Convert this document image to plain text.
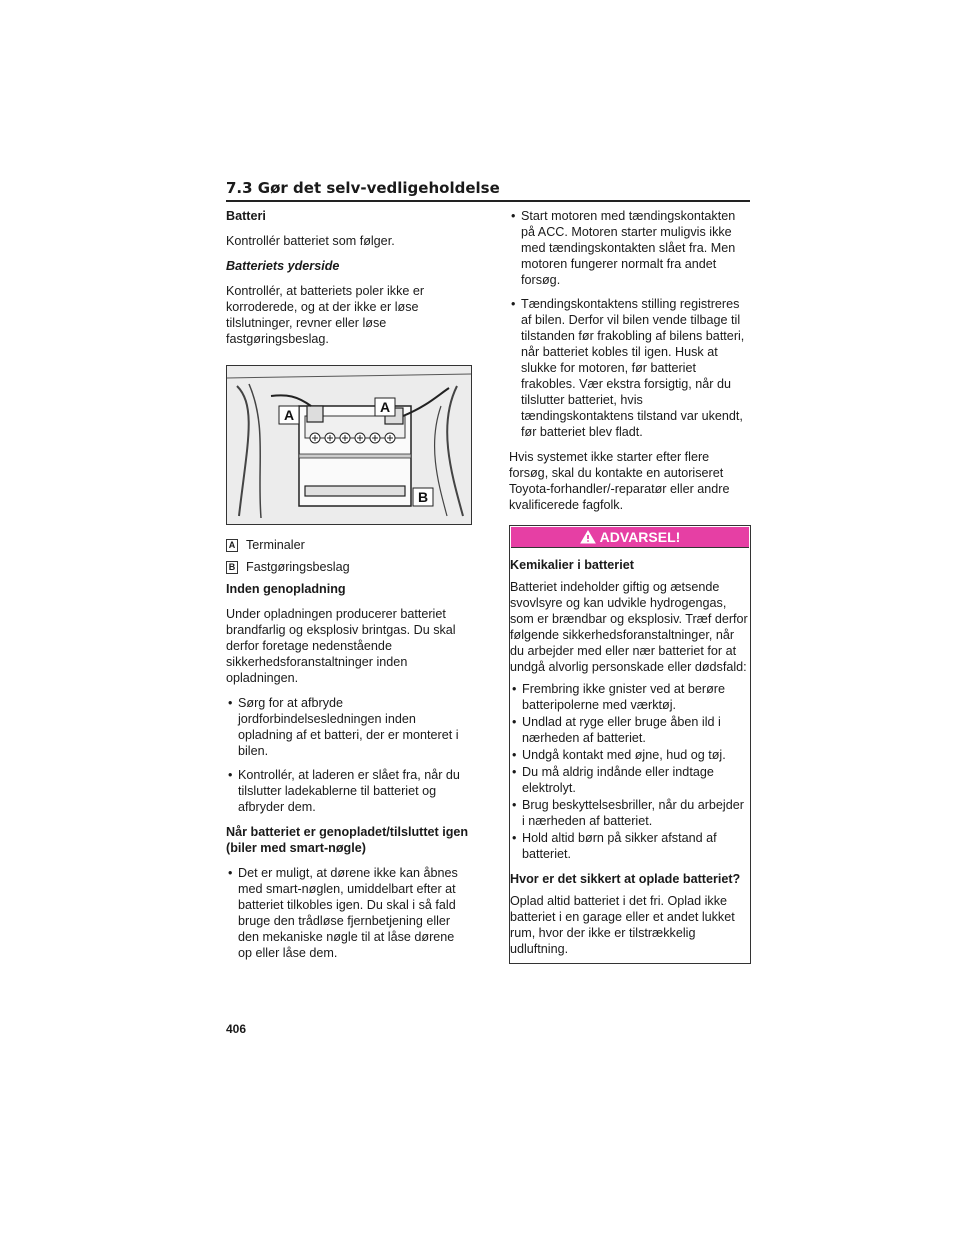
7.3 Gør det selv-vedligeholdelse
Batteri

Kontrollér batteriet som følger.

Batteriets yderside

Kontrollér, at batteriets poler ikke er korroderede, og at der ikke er løse tilslutninger, revner eller løse fastgøringsbeslag.

A	A
B
A Terminaler
B Fastgøringsbeslag
Inden genopladning

Under opladningen producerer batteriet brandfarlig og eksplosiv brintgas. Du skal derfor foretage nedenstående sikkerhedsforanstaltninger inden opladningen.

• Sørg for at afbryde jordforbindelsesledningen inden opladning af et batteri, der er monteret i bilen.
• Kontrollér, at laderen er slået fra, når du tilslutter ladekablerne til batteriet og afbryder dem.
Når batteriet er genopladet/tilsluttet igen (biler med smart-nøgle)
• Det er muligt, at dørene ikke kan åbnes med smart-nøglen, umiddelbart efter at batteriet tilkobles igen. Du skal i så fald bruge den trådløse fjernbetjening eller den mekaniske nøgle til at låse dørene op eller låse dem.
• Start motoren med tændingskontakten på ACC. Motoren starter muligvis ikke med tændingskontakten slået fra. Men motoren fungerer normalt fra andet forsøg.
• Tændingskontaktens stilling registreres af bilen. Derfor vil bilen vende tilbage til tilstanden før frakobling af bilens batteri, når batteriet kobles til igen. Husk at slukke for motoren, før batteriet frakobles. Vær ekstra forsigtig, når du tilslutter batteriet, hvis tændingskontaktens tilstand var ukendt, før batteriet blev fladt.

Hvis systemet ikke starter efter flere forsøg, skal du kontakte en autoriseret Toyota-forhandler/-reparatør eller andre kvalificerede fagfolk.

ADVARSEL!
Kemikalier i batteriet

Batteriet indeholder giftig og ætsende svovlsyre og kan udvikle hydrogengas, som er brændbar og eksplosiv. Træf derfor følgende sikkerhedsforanstaltninger, når du arbejder med eller nær batteriet for at undgå alvorlig personskade eller dødsfald:

• Frembring ikke gnister ved at berøre batteripolerne med værktøj.
• Undlad at ryge eller bruge åben ild i nærheden af batteriet.
• Undgå kontakt med øjne, hud og tøj.
• Du må aldrig indånde eller indtage elektrolyt.
• Brug beskyttelsesbriller, når du arbejder i nærheden af batteriet.
• Hold altid børn på sikker afstand af batteriet.
Hvor er det sikkert at oplade batteriet?

Oplad altid batteriet i det fri. Oplad ikke batteriet i en garage eller et andet lukket rum, hvor der ikke er tilstrækkelig udluftning.

406
